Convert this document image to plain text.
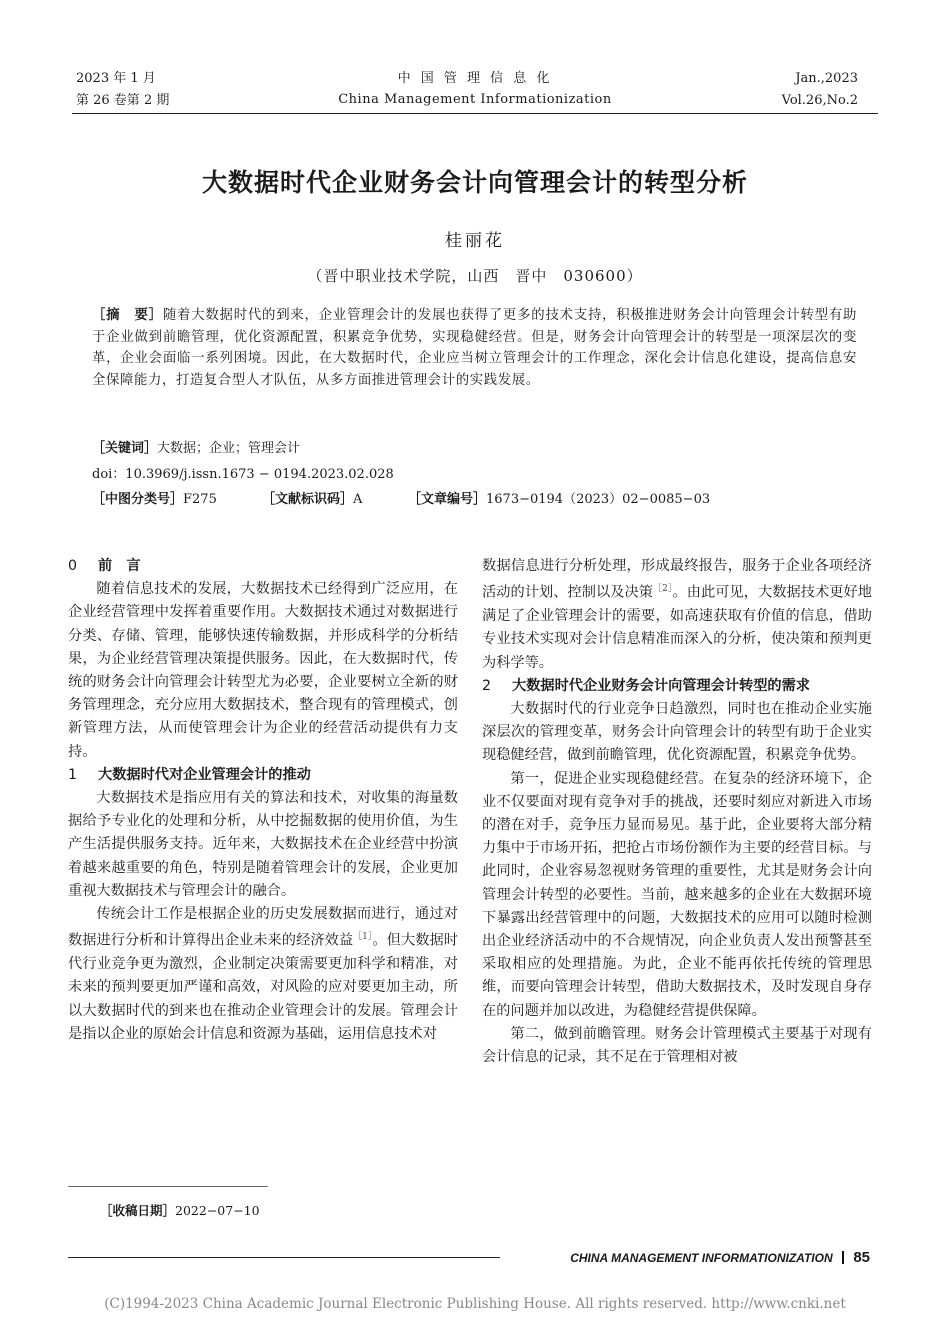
2023 年 1 月
第 26 卷第 2 期
中 国 管 理 信 息 化
China Management Informationization
Jan.,2023
Vol.26,No.2
大数据时代企业财务会计向管理会计的转型分析
桂丽花
（晋中职业技术学院，山西　晋中　030600）
［摘　要］随着大数据时代的到来，企业管理会计的发展也获得了更多的技术支持，积极推进财务会计向管理会计转型有助于企业做到前瞻管理，优化资源配置，积累竞争优势，实现稳健经营。但是，财务会计向管理会计的转型是一项深层次的变革，企业会面临一系列困境。因此，在大数据时代，企业应当树立管理会计的工作理念，深化会计信息化建设，提高信息安全保障能力，打造复合型人才队伍，从多方面推进管理会计的实践发展。
［关键词］大数据；企业；管理会计
doi：10.3969/j.issn.1673 − 0194.2023.02.028
［中图分类号］F275	［文献标识码］A	［文章编号］1673−0194（2023）02−0085−03
0 前　言

随着信息技术的发展，大数据技术已经得到广泛应用，在企业经营管理中发挥着重要作用。大数据技术通过对数据进行分类、存储、管理，能够快速传输数据，并形成科学的分析结果，为企业经营管理决策提供服务。因此，在大数据时代，传统的财务会计向管理会计转型尤为必要，企业要树立全新的财务管理理念，充分应用大数据技术，整合现有的管理模式，创新管理方法，从而使管理会计为企业的经营活动提供有力支持。

1 大数据时代对企业管理会计的推动

大数据技术是指应用有关的算法和技术，对收集的海量数据给予专业化的处理和分析，从中挖掘数据的使用价值，为生产生活提供服务支持。近年来，大数据技术在企业经营中扮演着越来越重要的角色，特别是随着管理会计的发展，企业更加重视大数据技术与管理会计的融合。

传统会计工作是根据企业的历史发展数据而进行，通过对数据进行分析和计算得出企业未来的经济效益$^{[1]}$。但大数据时代行业竞争更为激烈，企业制定决策需要更加科学和精准，对未来的预判要更加严谨和高效，对风险的应对要更加主动，所以大数据时代的到来也在推动企业管理会计的发展。管理会计是指以企业的原始会计信息和资源为基础，运用信息技术对

［收稿日期］2022−07−10

数据信息进行分析处理，形成最终报告，服务于企业各项经济活动的计划、控制以及决策$^{[2]}$。由此可见，大数据技术更好地满足了企业管理会计的需要，如高速获取有价值的信息，借助专业技术实现对会计信息精准而深入的分析，使决策和预判更为科学等。

2 大数据时代企业财务会计向管理会计转型的需求

大数据时代的行业竞争日趋激烈，同时也在推动企业实施深层次的管理变革，财务会计向管理会计的转型有助于企业实现稳健经营，做到前瞻管理，优化资源配置，积累竞争优势。

第一，促进企业实现稳健经营。在复杂的经济环境下，企业不仅要面对现有竞争对手的挑战，还要时刻应对新进入市场的潜在对手，竞争压力显而易见。基于此，企业要将大部分精力集中于市场开拓，把抢占市场份额作为主要的经营目标。与此同时，企业容易忽视财务管理的重要性，尤其是财务会计向管理会计转型的必要性。当前，越来越多的企业在大数据环境下暴露出经营管理中的问题，大数据技术的应用可以随时检测出企业经济活动中的不合规情况，向企业负责人发出预警甚至采取相应的处理措施。为此，企业不能再依托传统的管理思维，而要向管理会计转型，借助大数据技术，及时发现自身存在的问题并加以改进，为稳健经营提供保障。

第二，做到前瞻管理。财务会计管理模式主要基于对现有会计信息的记录，其不足在于管理相对被

CHINA MANAGEMENT INFORMATIONIZATION 85
(C)1994-2023 China Academic Journal Electronic Publishing House. All rights reserved. http://www.cnki.net
